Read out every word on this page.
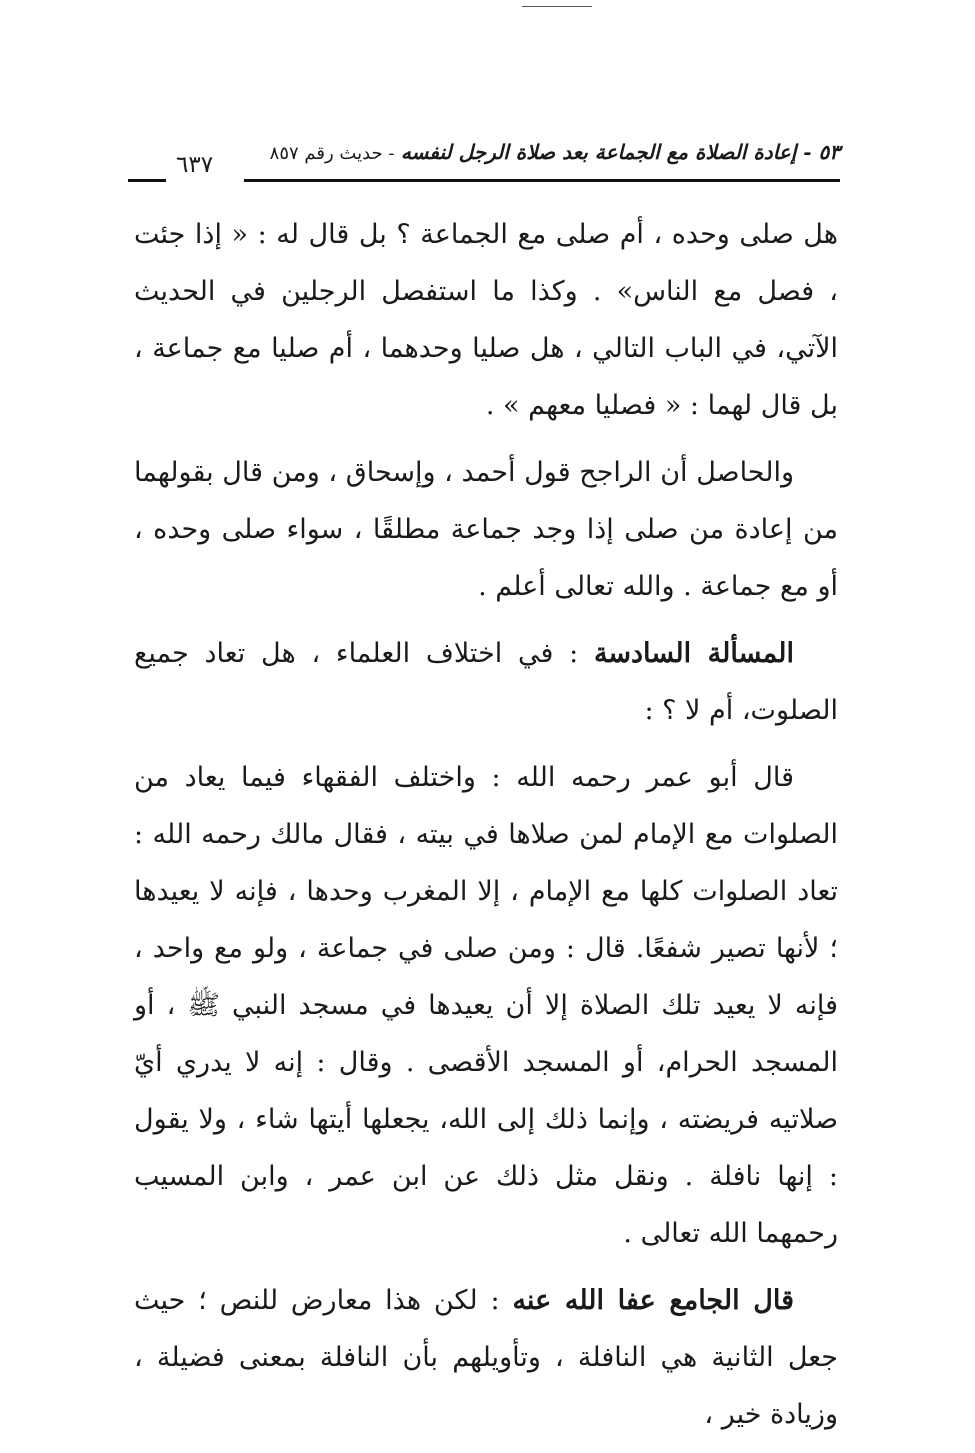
٥٣ - إعادة الصلاة مع الجماعة بعد صلاة الرجل لنفسه - حديث رقم ٨٥٧
٦٣٧

هل صلى وحده ، أم صلى مع الجماعة ؟ بل قال له : « إذا جئت ، فصل مع الناس» . وكذا ما استفصل الرجلين في الحديث الآتي، في الباب التالي ، هل صليا وحدهما ، أم صليا مع جماعة ، بل قال لهما : « فصليا معهم » .

والحاصل أن الراجح قول أحمد ، وإسحاق ، ومن قال بقولهما من إعادة من صلى إذا وجد جماعة مطلقًا ، سواء صلى وحده ، أو مع جماعة . والله تعالى أعلم .

المسألة السادسة : في اختلاف العلماء ، هل تعاد جميع الصلوت، أم لا ؟ :

قال أبو عمر رحمه الله : واختلف الفقهاء فيما يعاد من الصلوات مع الإمام لمن صلاها في بيته ، فقال مالك رحمه الله : تعاد الصلوات كلها مع الإمام ، إلا المغرب وحدها ، فإنه لا يعيدها ؛ لأنها تصير شفعًا. قال : ومن صلى في جماعة ، ولو مع واحد ، فإنه لا يعيد تلك الصلاة إلا أن يعيدها في مسجد النبي ﷺ ، أو المسجد الحرام، أو المسجد الأقصى . وقال : إنه لا يدري أيّ صلاتيه فريضته ، وإنما ذلك إلى الله، يجعلها أيتها شاء ، ولا يقول : إنها نافلة . ونقل مثل ذلك عن ابن عمر ، وابن المسيب رحمهما الله تعالى .

قال الجامع عفا الله عنه : لكن هذا معارض للنص ؛ حيث جعل الثانية هي النافلة ، وتأويلهم بأن النافلة بمعنى فضيلة ، وزيادة خير ،
